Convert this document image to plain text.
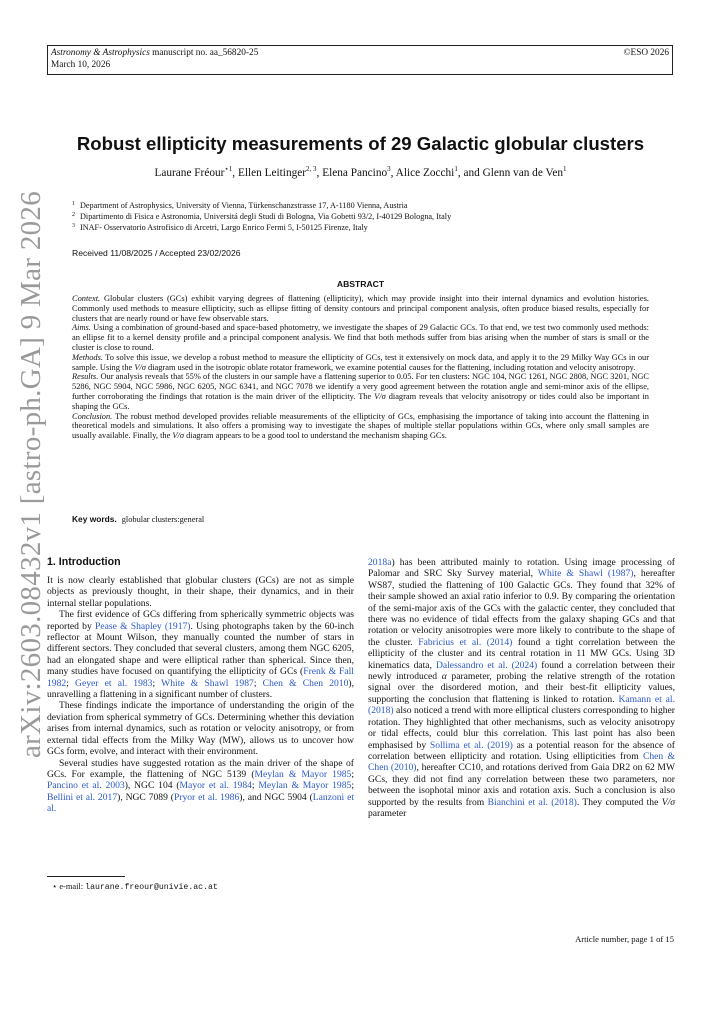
Astronomy & Astrophysics manuscript no. aa_56820-25
March 10, 2026
©ESO 2026
arXiv:2603.08432v1 [astro-ph.GA] 9 Mar 2026
Robust ellipticity measurements of 29 Galactic globular clusters
Laurane Fréour$^{⋆1}$, Ellen Leitinger$^{2, 3}$, Elena Pancino$^3$, Alice Zocchi$^1$, and Glenn van de Ven$^1$
$^1$ Department of Astrophysics, University of Vienna, Türkenschanzstrasse 17, A-1180 Vienna, Austria
$^2$ Dipartimento di Fisica e Astronomia, Universitá degli Studi di Bologna, Via Gobetti 93/2, I-40129 Bologna, Italy
$^3$ INAF- Osservatorio Astrofisico di Arcetri, Largo Enrico Fermi 5, I-50125 Firenze, Italy
Received 11/08/2025 / Accepted 23/02/2026
ABSTRACT

Context. Globular clusters (GCs) exhibit varying degrees of flattening (ellipticity), which may provide insight into their internal dynamics and evolution histories. Commonly used methods to measure ellipticity, such as ellipse fitting of density contours and principal component analysis, often produce biased results, especially for clusters that are nearly round or have few observable stars.

Aims. Using a combination of ground-based and space-based photometry, we investigate the shapes of 29 Galactic GCs. To that end, we test two commonly used methods: an ellipse fit to a kernel density profile and a principal component analysis. We find that both methods suffer from bias arising when the number of stars is small or the cluster is close to round.

Methods. To solve this issue, we develop a robust method to measure the ellipticity of GCs, test it extensively on mock data, and apply it to the 29 Milky Way GCs in our sample. Using the V/σ diagram used in the isotropic oblate rotator framework, we examine potential causes for the flattening, including rotation and velocity anisotropy.

Results. Our analysis reveals that 55% of the clusters in our sample have a flattening superior to 0.05. For ten clusters: NGC 104, NGC 1261, NGC 2808, NGC 3201, NGC 5286, NGC 5904, NGC 5986, NGC 6205, NGC 6341, and NGC 7078 we identify a very good agreement between the rotation angle and semi-minor axis of the ellipse, further corroborating the findings that rotation is the main driver of the ellipticity. The V/σ diagram reveals that velocity anisotropy or tides could also be important in shaping the GCs.

Conclusion. The robust method developed provides reliable measurements of the ellipticity of GCs, emphasising the importance of taking into account the flattening in theoretical models and simulations. It also offers a promising way to investigate the shapes of multiple stellar populations within GCs, where only small samples are usually available. Finally, the V/σ diagram appears to be a good tool to understand the mechanism shaping GCs.

Key words. globular clusters:general
1. Introduction

It is now clearly established that globular clusters (GCs) are not as simple objects as previously thought, in their shape, their dynamics, and in their internal stellar populations.

The first evidence of GCs differing from spherically symmetric objects was reported by Pease & Shapley (1917). Using photographs taken by the 60-inch reflector at Mount Wilson, they manually counted the number of stars in different sectors. They concluded that several clusters, among them NGC 6205, had an elongated shape and were elliptical rather than spherical. Since then, many studies have focused on quantifying the ellipticity of GCs (Frenk & Fall 1982; Geyer et al. 1983; White & Shawl 1987; Chen & Chen 2010), unravelling a flattening in a significant number of clusters.

These findings indicate the importance of understanding the origin of the deviation from spherical symmetry of GCs. Determining whether this deviation arises from internal dynamics, such as rotation or velocity anisotropy, or from external tidal effects from the Milky Way (MW), allows us to uncover how GCs form, evolve, and interact with their environment.

Several studies have suggested rotation as the main driver of the shape of GCs. For example, the flattening of NGC 5139 (Meylan & Mayor 1985; Pancino et al. 2003), NGC 104 (Mayor et al. 1984; Meylan & Mayor 1985; Bellini et al. 2017), NGC 7089 (Pryor et al. 1986), and NGC 5904 (Lanzoni et al.

2018a) has been attributed mainly to rotation. Using image processing of Palomar and SRC Sky Survey material, White & Shawl (1987), hereafter WS87, studied the flattening of 100 Galactic GCs. They found that 32% of their sample showed an axial ratio inferior to 0.9. By comparing the orientation of the semi-major axis of the GCs with the galactic center, they concluded that there was no evidence of tidal effects from the galaxy shaping GCs and that rotation or velocity anisotropies were more likely to contribute to the shape of the cluster. Fabricius et al. (2014) found a tight correlation between the ellipticity of the cluster and its central rotation in 11 MW GCs. Using 3D kinematics data, Dalessandro et al. (2024) found a correlation between their newly introduced α parameter, probing the relative strength of the rotation signal over the disordered motion, and their best-fit ellipticity values, supporting the conclusion that flattening is linked to rotation. Kamann et al. (2018) also noticed a trend with more elliptical clusters corresponding to higher rotation. They highlighted that other mechanisms, such as velocity anisotropy or tidal effects, could blur this correlation. This last point has also been emphasised by Sollima et al. (2019) as a potential reason for the absence of correlation between ellipticity and rotation. Using ellipticities from Chen & Chen (2010), hereafter CC10, and rotations derived from Gaia DR2 on 62 MW GCs, they did not find any correlation between these two parameters, nor between the isophotal minor axis and rotation axis. Such a conclusion is also supported by the results from Bianchini et al. (2018). They computed the V/σ parameter

⋆ e-mail: laurane.freour@univie.ac.at
Article number, page 1 of 15
